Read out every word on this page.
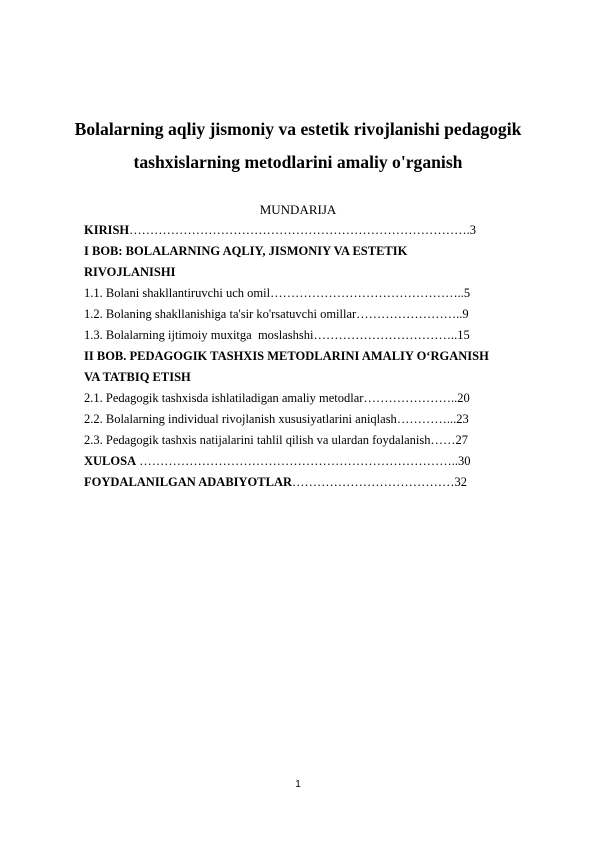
Bolalarning aqliy jismoniy va estetik rivojlanishi pedagogik tashxislarning metodlarini amaliy o'rganish
MUNDARIJA
KIRISH……………………………………………………………………….3
I BOB: BOLALARNING AQLIY, JISMONIY VA ESTETIK
RIVOJLANISHI
1.1. Bolani shakllantiruvchi uch omil………………………………………..5
1.2. Bolaning shakllanishiga ta'sir ko'rsatuvchi omillar……………………..9
1.3. Bolalarning ijtimoiy muxitga  moslashshi……………………………..15
II BOB. PEDAGOGIK TASHXIS METODLARINI AMALIY O‘RGANISH
VA TATBIQ ETISH
2.1. Pedagogik tashxisda ishlatiladigan amaliy metodlar…………………..20
2.2. Bolalarning individual rivojlanish xususiyatlarini aniqlash…………...23
2.3. Pedagogik tashxis natijalarini tahlil qilish va ulardan foydalanish……27
XULOSA …………………………………………………………………..30
FOYDALANILGAN ADABIYOTLAR…………………………………32
1
